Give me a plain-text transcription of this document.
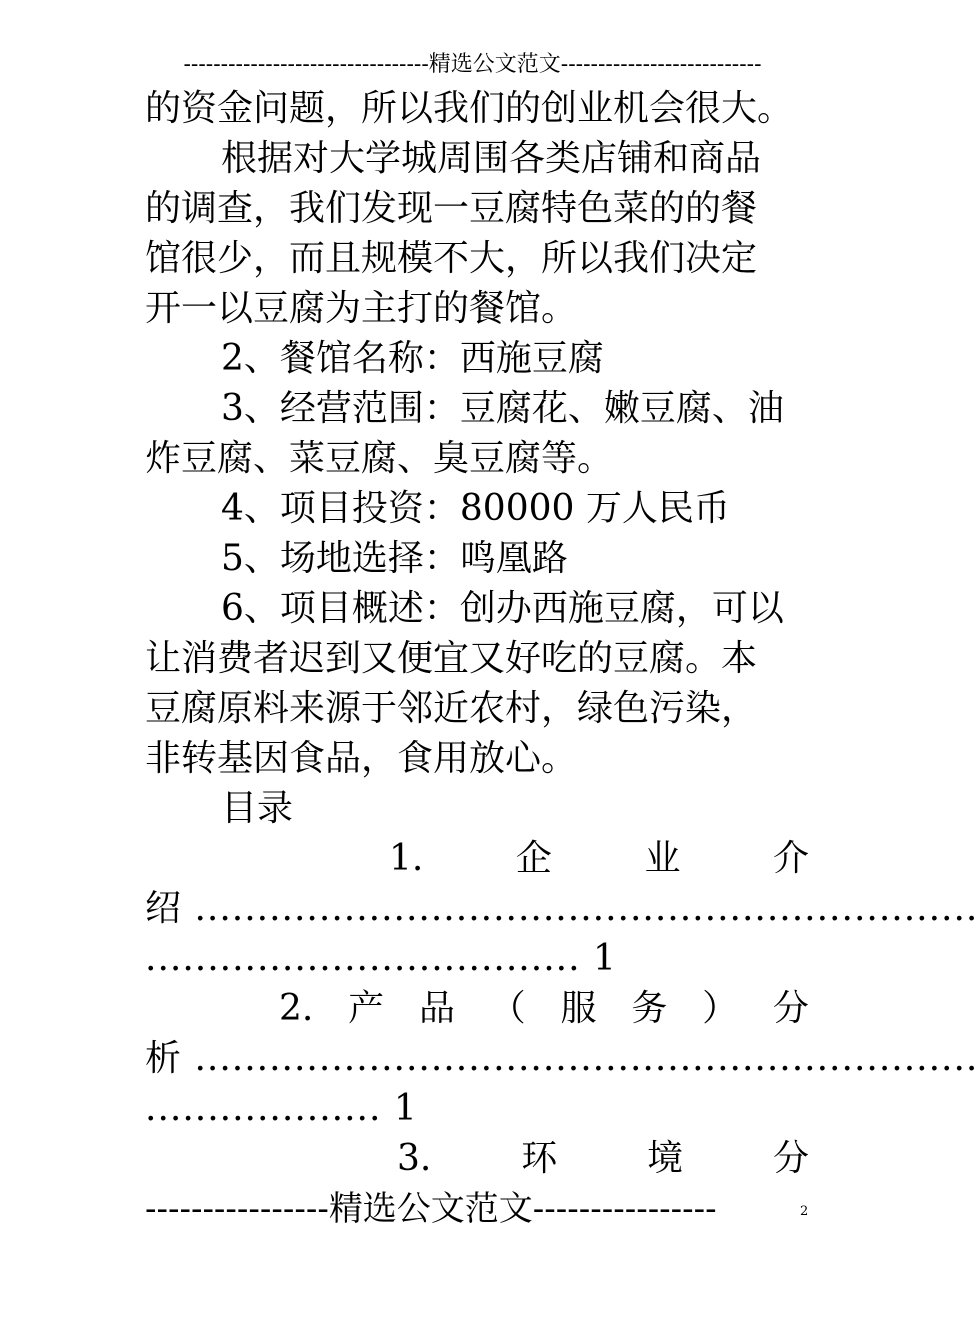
---------------------------------精选公文范文---------------------------
的资金问题，所以我们的创业机会很大。
根据对大学城周围各类店铺和商品
的调查，我们发现一豆腐特色菜的的餐
馆很少，而且规模不大，所以我们决定
开一以豆腐为主打的餐馆。
2、餐馆名称：西施豆腐
3、经营范围：豆腐花、嫩豆腐、油
炸豆腐、菜豆腐、臭豆腐等。
4、项目投资：80000 万人民币
5、场地选择：鸣凰路
6、项目概述：创办西施豆腐，可以
让消费者迟到又便宜又好吃的豆腐。本
豆腐原料来源于邻近农村，绿色污染，
非转基因食品，食用放心。
目录
1.	企	业	介
绍 ...............................................................
................................... 1
2. 产 品 （ 服 务 ） 分
析 ...............................................................
................... 1
3. 环 境 分
----------------精选公文范文----------------	2
